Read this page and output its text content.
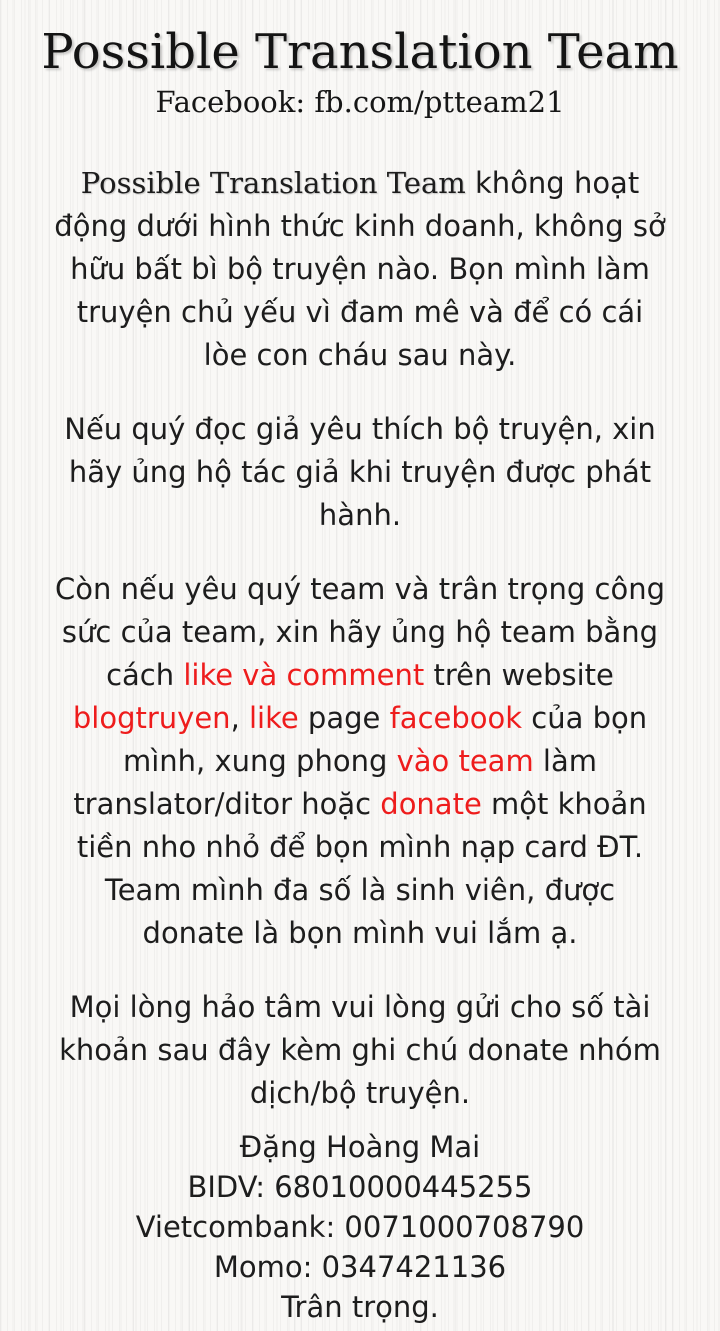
Possible Translation Team
Facebook: fb.com/ptteam21

Possible Translation Team không hoạt động dưới hình thức kinh doanh, không sở hữu bất bì bộ truyện nào. Bọn mình làm truyện chủ yếu vì đam mê và để có cái lòe con cháu sau này.

Nếu quý đọc giả yêu thích bộ truyện, xin hãy ủng hộ tác giả khi truyện được phát hành.

Còn nếu yêu quý team và trân trọng công sức của team, xin hãy ủng hộ team bằng cách like và comment trên website blogtruyen, like page facebook của bọn mình, xung phong vào team làm translator/ditor hoặc donate một khoản tiền nho nhỏ để bọn mình nạp card ĐT. Team mình đa số là sinh viên, được donate là bọn mình vui lắm ạ.

Mọi lòng hảo tâm vui lòng gửi cho số tài khoản sau đây kèm ghi chú donate nhóm dịch/bộ truyện.

Đặng Hoàng Mai
BIDV: 68010000445255
Vietcombank: 0071000708790
Momo: 0347421136
Trân trọng.
